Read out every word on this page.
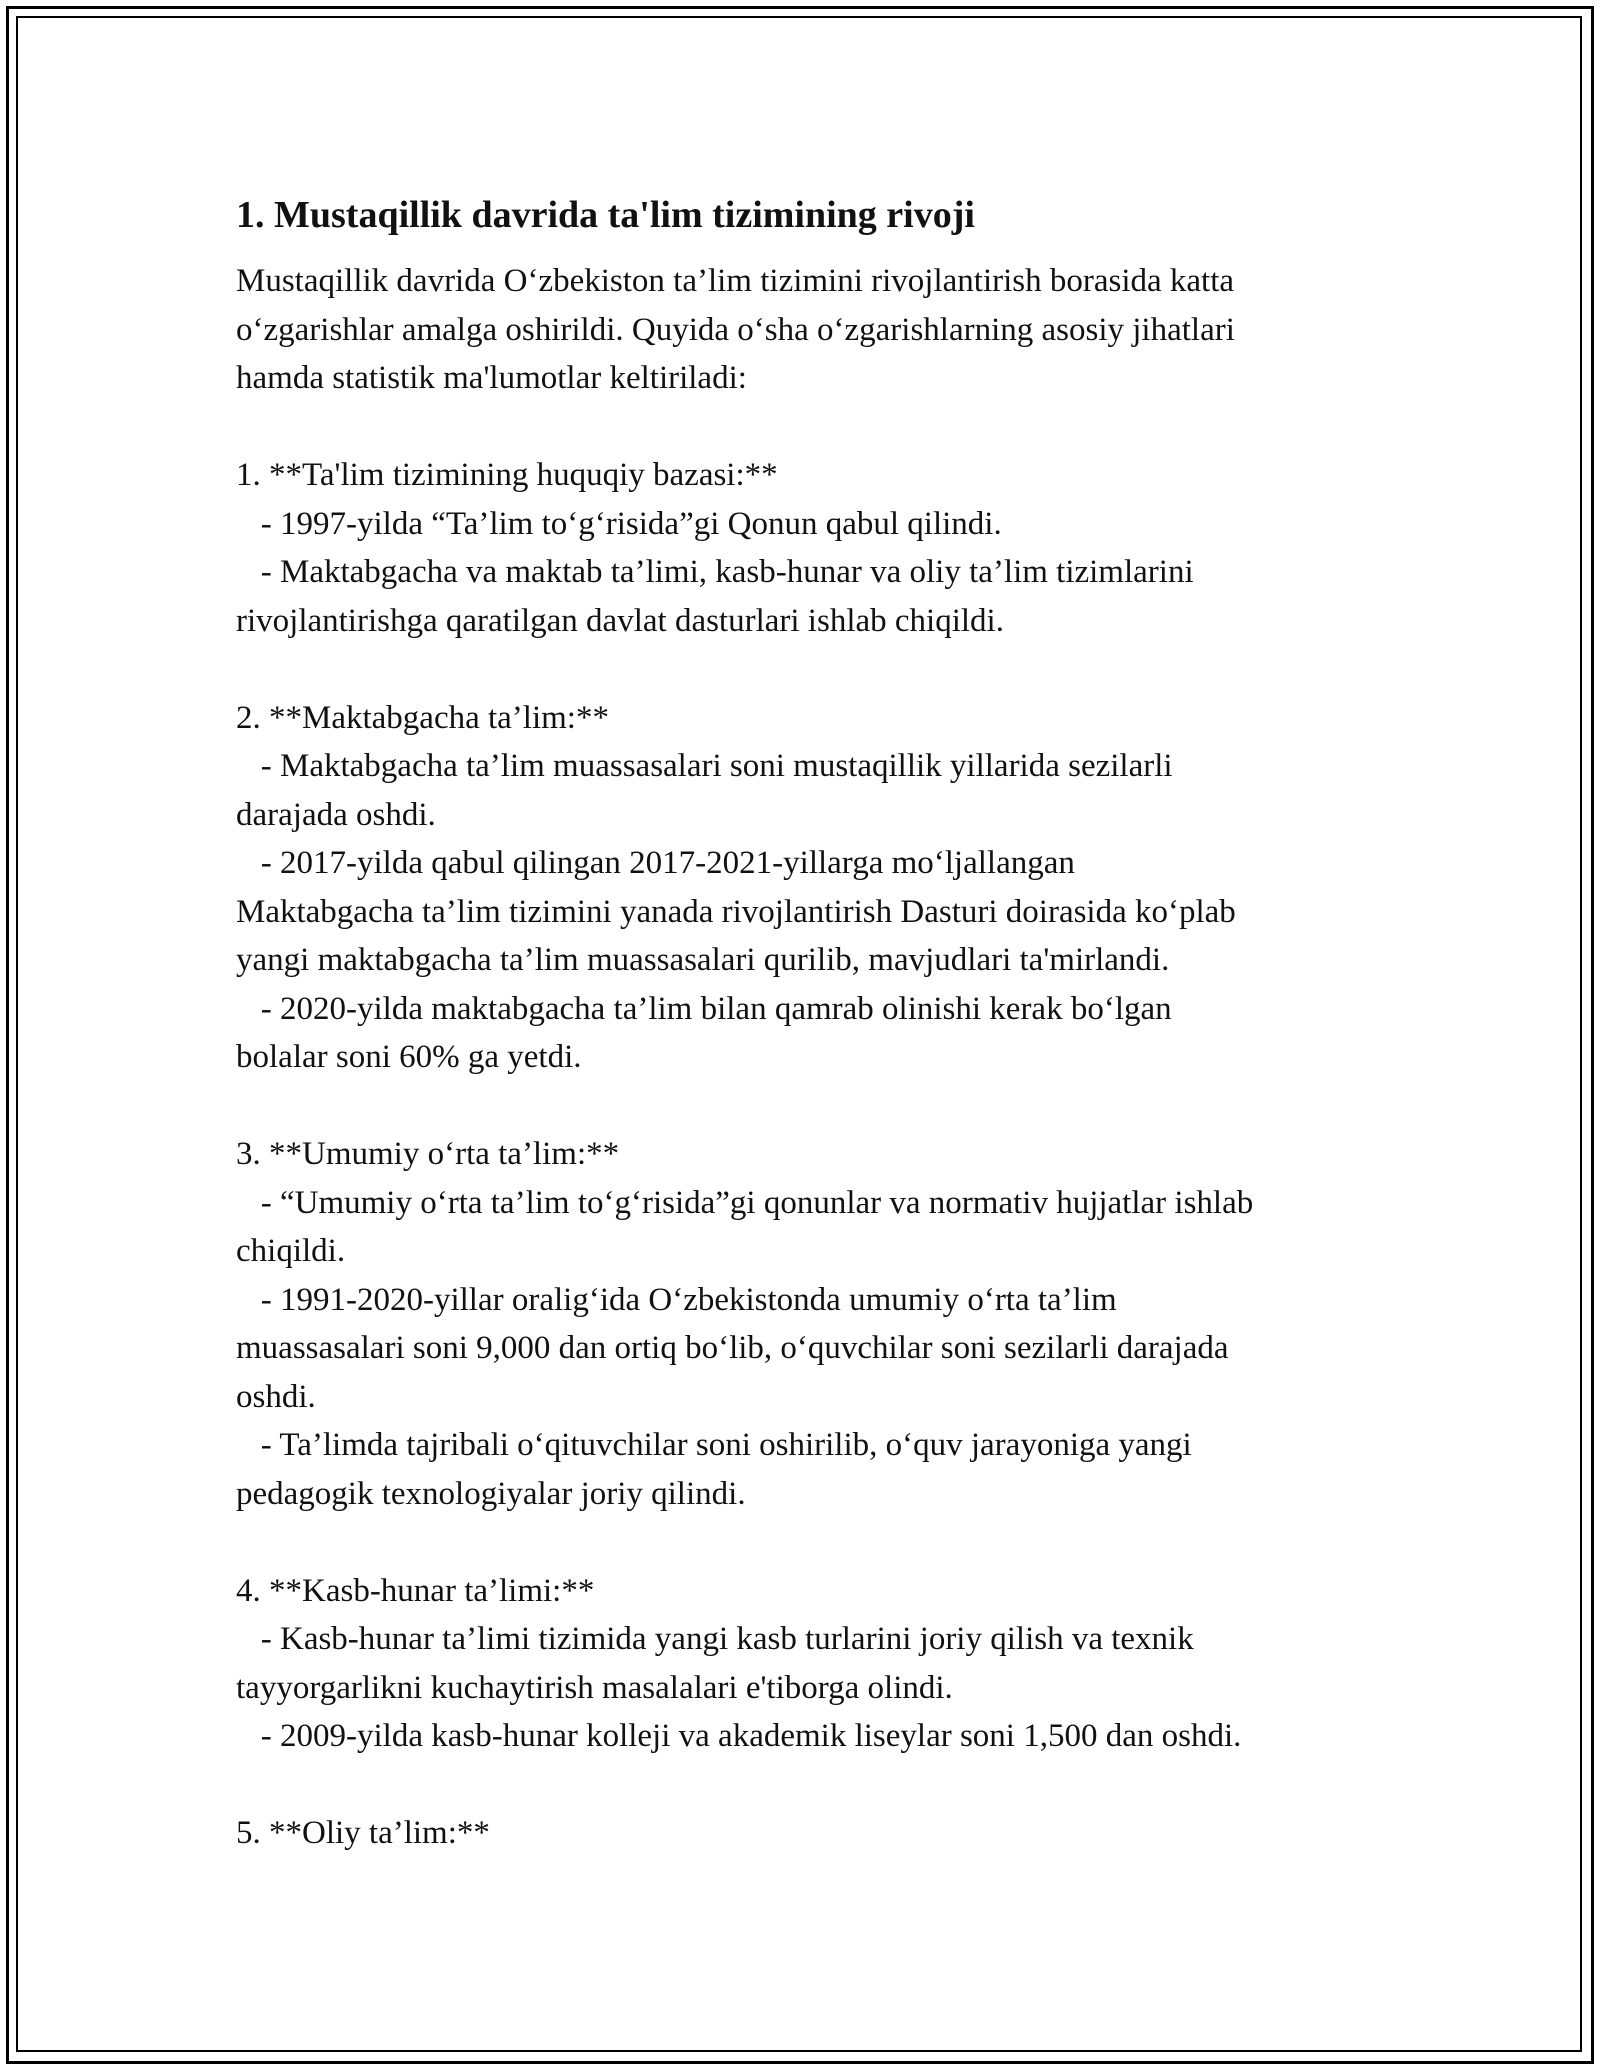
1. Mustaqillik davrida ta'lim tizimining rivoji

Mustaqillik davrida O‘zbekiston ta’lim tizimini rivojlantirish borasida katta
o‘zgarishlar amalga oshirildi. Quyida o‘sha o‘zgarishlarning asosiy jihatlari
hamda statistik ma'lumotlar keltiriladi:

1. **Ta'lim tizimining huquqiy bazasi:**

- 1997-yilda “Ta’lim to‘g‘risida”gi Qonun qabul qilindi.

- Maktabgacha va maktab ta’limi, kasb-hunar va oliy ta’lim tizimlarini
rivojlantirishga qaratilgan davlat dasturlari ishlab chiqildi.

2. **Maktabgacha ta’lim:**

- Maktabgacha ta’lim muassasalari soni mustaqillik yillarida sezilarli
darajada oshdi.

- 2017-yilda qabul qilingan 2017-2021-yillarga mo‘ljallangan
Maktabgacha ta’lim tizimini yanada rivojlantirish Dasturi doirasida ko‘plab
yangi maktabgacha ta’lim muassasalari qurilib, mavjudlari ta'mirlandi.

- 2020-yilda maktabgacha ta’lim bilan qamrab olinishi kerak bo‘lgan
bolalar soni 60% ga yetdi.

3. **Umumiy o‘rta ta’lim:**

- “Umumiy o‘rta ta’lim to‘g‘risida”gi qonunlar va normativ hujjatlar ishlab
chiqildi.

- 1991-2020-yillar oralig‘ida O‘zbekistonda umumiy o‘rta ta’lim
muassasalari soni 9,000 dan ortiq bo‘lib, o‘quvchilar soni sezilarli darajada
oshdi.

- Ta’limda tajribali o‘qituvchilar soni oshirilib, o‘quv jarayoniga yangi
pedagogik texnologiyalar joriy qilindi.

4. **Kasb-hunar ta’limi:**

- Kasb-hunar ta’limi tizimida yangi kasb turlarini joriy qilish va texnik
tayyorgarlikni kuchaytirish masalalari e'tiborga olindi.

- 2009-yilda kasb-hunar kolleji va akademik liseylar soni 1,500 dan oshdi.

5. **Oliy ta’lim:**
